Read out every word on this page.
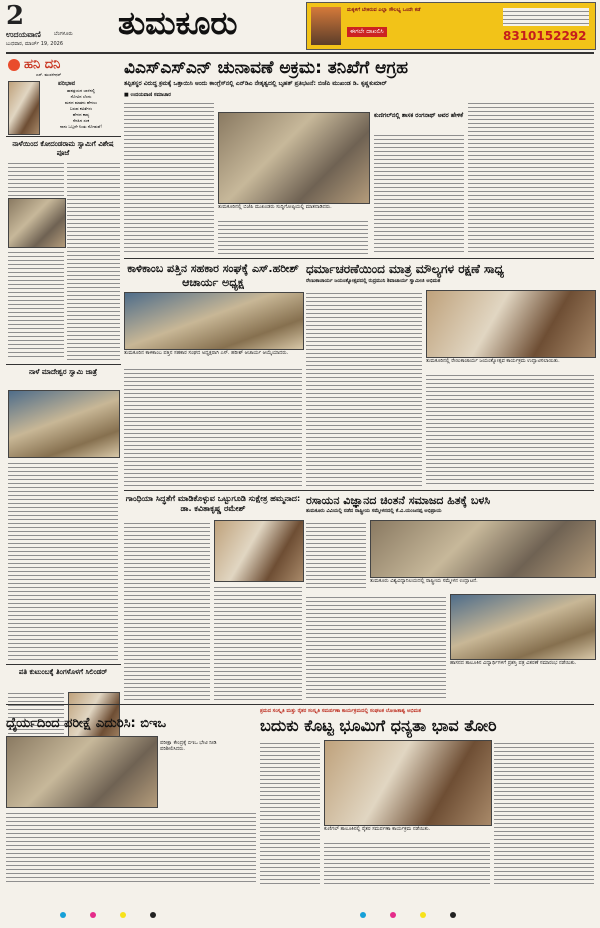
2
ಉದಯವಾಣಿ	ಬೆಂಗಳೂರು
ಬುಧವಾರ, ಮಾರ್ಚ್ 19, 2026
ತುಮಕೂರು	ಮಕ್ಕಳಿಗೆ ಬೇಕಿರುವ ಎಲ್ಲಾ ಸೌಲಭ್ಯ ಒಂದೇ ಕಡೆ
ಈಗಲೇ ದಾಖಲಿಸಿ	8310152292
ಹನಿ ದನಿ
ಎಸ್. ಮುರಳೀಧರ್
ಪರಿಭಾವ
ತಾಪತ್ರಯದ ಬಾಳಿನಲ್ಲಿ
ನೋವಿನ ಬೆಂದು
ಮನದ ಮಾತನು ಹೇಳಲು
ಬರುವ ಕವಿತೆಗಳು
ಹೇಳದ ಕಾವ್ಯ
ನೆನಪಿನ ಸಂಕ
ನಾನು ಒಬ್ಬನೇ ನಿಂತು ನೋಡುವೆ!
ನಾಳೆಯಿಂದ ಕೋದಂಡರಾಮ ಸ್ವಾಮಿಗೆ ವಿಶೇಷ ಪೂಜೆ
ನಾಳೆ ಮಾದೇಶ್ವರ ಸ್ವಾಮಿ ಜಾತ್ರೆ
ಪತಿ ಕುಟುಂಬಕ್ಕೆ ತಿಂಗಳೊಳಗೆ ಸಿಲಿಂಡರ್
ವಿಎಸ್ಎಸ್ಎನ್ ಚುನಾವಣೆ ಅಕ್ರಮ: ತನಿಖೆಗೆ ಆಗ್ರಹ
ತಪ್ಪಿತಸ್ಥರ ವಿರುದ್ಧ ಕ್ರಮಕ್ಕೆ ಒತ್ತಾಯಿಸಿ ಅಂದು ಕಾಂಗ್ರೆಸ್‌ನಲ್ಲಿ ಎನ್‌ಡಿಎ ನೇತೃತ್ವದಲ್ಲಿ ಬೃಹತ್ ಪ್ರತಿಭಟನೆ: ಬಿಜೆಪಿ ಮುಖಂಡ ಡಿ. ಕೃಷ್ಣಕುಮಾರ್
■ ಉದಯವಾಣಿ ಸಮಾಚಾರ
ತುಮಕೂರಿನಲ್ಲಿ ಬಿಜೆಪಿ ಮುಖಂಡರು ಸುದ್ದಿಗೋಷ್ಠಿಯಲ್ಲಿ ಮಾತನಾಡಿದರು.
ಕುಣಿಗಲ್‌ನಲ್ಲಿ ಶಾಸಕ ರಂಗನಾಥ್ ಅವರ ಹೇಳಿಕೆ
ಕಾಳಿಕಾಂಬ ಪತ್ತಿನ ಸಹಕಾರ ಸಂಘಕ್ಕೆ ಎಸ್.ಹರೀಶ್ ಆಚಾರ್ಯ ಅಧ್ಯಕ್ಷ
ತುಮಕೂರಿನ ಕಾಳಿಕಾಂಬ ಪತ್ತಿನ ಸಹಕಾರ ಸಂಘದ ಅಧ್ಯಕ್ಷರಾಗಿ ಎಸ್. ಹರೀಶ್ ಆಚಾರ್ಯ ಆಯ್ಕೆಯಾದರು.
ಧರ್ಮಾಚರಣೆಯಿಂದ ಮಾತ್ರ ಮೌಲ್ಯಗಳ ರಕ್ಷಣೆ ಸಾಧ್ಯ
ರೇಣುಕಾಚಾರ್ಯ ಜಯಂತ್ಯೋತ್ಸವದಲ್ಲಿ ರುದ್ರಮುನಿ ಶಿವಾಚಾರ್ಯ ಸ್ವಾಮೀಜಿ ಅಭಿಮತ
ತುಮಕೂರಿನಲ್ಲಿ ರೇಣುಕಾಚಾರ್ಯ ಜಯಂತ್ಯೋತ್ಸವ ಕಾರ್ಯಕ್ರಮ ಉದ್ಘಾಟಿಸಲಾಯಿತು.
ಗಾಂಧಿಯಾ ಸಿದ್ಧತೆಗೆ ಮಾಡಿಕೊಳ್ಳುವ ಒಟ್ಟುಗೂಡಿ ಸುಕ್ಷೇತ್ರ ಹಮ್ಮನಾದ: ಡಾ. ಕವಿತಾಕೃಷ್ಣ ರಮೇಶ್
ರಸಾಯನ ವಿಜ್ಞಾನದ ಚಿಂತನೆ ಸಮಾಜದ ಹಿತಕ್ಕೆ ಬಳಸಿ
ತುಮಕೂರು ವಿವಿಯಲ್ಲಿ ನಡೆದ ರಾಷ್ಟ್ರೀಯ ಸಮ್ಮೇಳನದಲ್ಲಿ ಕೆ.ವಿ.ಯಂಜನಪ್ಪ ಅಭಿಪ್ರಾಯ
ತುಮಕೂರು ವಿಶ್ವವಿದ್ಯಾನಿಲಯದಲ್ಲಿ ರಾಷ್ಟ್ರೀಯ ಸಮ್ಮೇಳನ ಉದ್ಘಾಟನೆ.
ಹಾಸನದ ತಾಲೂಕಿನ ವಿದ್ಯಾರ್ಥಿಗಳಿಗೆ ಪ್ರಶಸ್ತಿ ಪತ್ರ ವಿತರಣೆ ಸಮಾರಂಭ ನಡೆಯಿತು.
ಶ್ರಮದ ಸಂಸ್ಕೃತಿ ಮತ್ತು ರೈತರ ಸಂಸ್ಕೃತಿ ಸಮರ್ಪಣಾ ಕಾರ್ಯಕ್ರಮದಲ್ಲಿ ಸಂಘಟಕ ಲೋಹಿತಾಶ್ವ ಅಭಿಮತ
ಧೈರ್ಯದಿಂದ ಪರೀಕ್ಷೆ ಎದುರಿಸಿ: ಬಿಇಒ	ಬದುಕು ಕೊಟ್ಟ ಭೂಮಿಗೆ ಧನ್ಯತಾ ಭಾವ ತೋರಿ
ಪರೀಕ್ಷಾ ಕೇಂದ್ರಕ್ಕೆ ಬಿಇಒ ಭೇಟಿ ನೀಡಿ ಪರಿಶೀಲಿಸಿದರು.
ಕುಣಿಗಲ್ ತಾಲೂಕಿನಲ್ಲಿ ರೈತರ ಸಮರ್ಪಣಾ ಕಾರ್ಯಕ್ರಮ ನಡೆಯಿತು.
